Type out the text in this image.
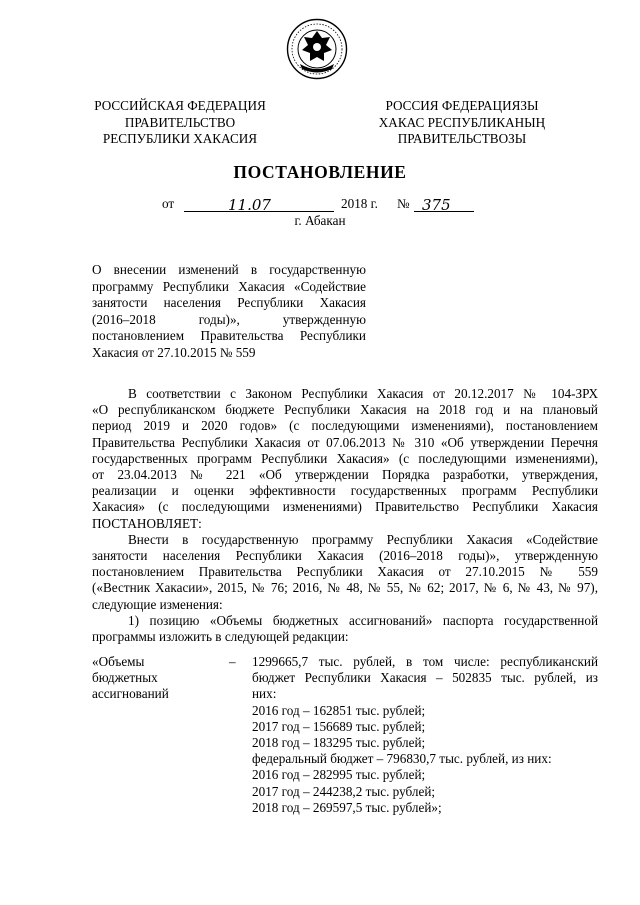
РОССИЙСКАЯ ФЕДЕРАЦИЯ
ПРАВИТЕЛЬСТВО
РЕСПУБЛИКИ ХАКАСИЯ
РОССИЯ ФЕДЕРАЦИЯЗЫ
ХАКАС РЕСПУБЛИКАНЫҢ
ПРАВИТЕЛЬСТВОЗЫ
ПОСТАНОВЛЕНИЕ
от	11.07	2018 г. № 375
г. Абакан
О внесении изменений в государственную
программу Республики Хакасия «Содействие
занятости населения Республики Хакасия
(2016–2018 годы)», утвержденную
постановлением Правительства Республики
Хакасия от 27.10.2015 № 559
В соответствии с Законом Республики Хакасия от 20.12.2017 № 104-ЗРХ
«О республиканском бюджете Республики Хакасия на 2018 год и на плановый
период 2019 и 2020 годов» (с последующими изменениями), постановлением
Правительства Республики Хакасия от 07.06.2013 № 310 «Об утверждении Перечня
государственных программ Республики Хакасия» (с последующими изменениями),
от 23.04.2013 № 221 «Об утверждении Порядка разработки, утверждения,
реализации и оценки эффективности государственных программ Республики
Хакасия» (с последующими изменениями) Правительство Республики Хакасия
ПОСТАНОВЛЯЕТ:
Внести в государственную программу Республики Хакасия «Содействие
занятости населения Республики Хакасия (2016–2018 годы)», утвержденную
постановлением Правительства Республики Хакасия от 27.10.2015 № 559
(«Вестник Хакасии», 2015, № 76; 2016, № 48, № 55, № 62; 2017, № 6, № 43, № 97),
следующие изменения:
1) позицию «Объемы бюджетных ассигнований» паспорта государственной
программы изложить в следующей редакции:
«Объемы
бюджетных
ассигнований
– 1299665,7 тыс. рублей, в том числе: республиканский
бюджет Республики Хакасия – 502835 тыс. рублей, из
них:
2016 год – 162851 тыс. рублей;
2017 год – 156689 тыс. рублей;
2018 год – 183295 тыс. рублей;
федеральный бюджет – 796830,7 тыс. рублей, из них:
2016 год – 282995 тыс. рублей;
2017 год – 244238,2 тыс. рублей;
2018 год – 269597,5 тыс. рублей»;
